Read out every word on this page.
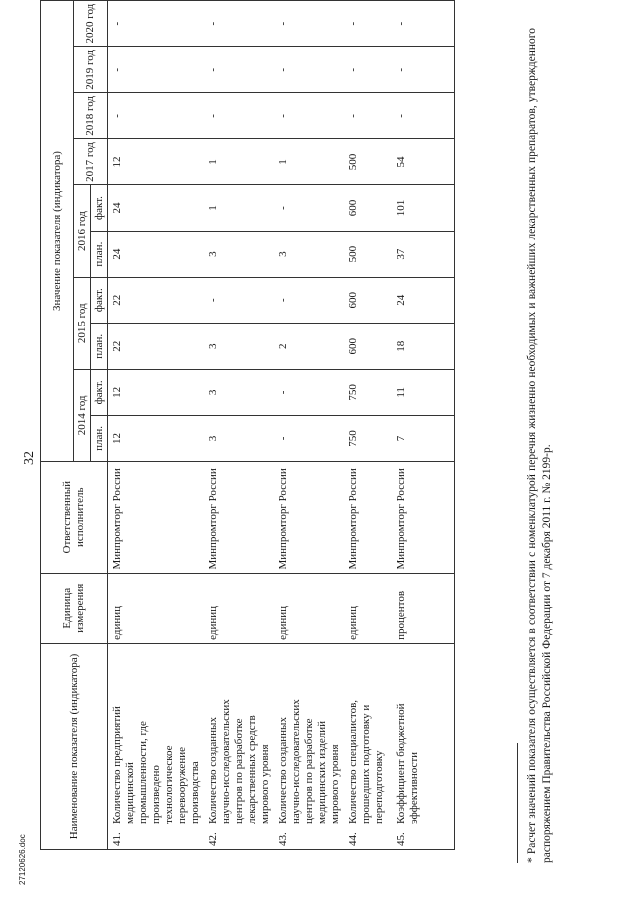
32
Наименование показателя (индикатора)	Единица измерения	Ответственный исполнитель	Значение показателя (индикатора)									
			2014 год		2015 год		2016 год		2017 год	2018 год	2019 год	2020 год
			план.	факт.	план.	факт.	план.	факт.				
41.Количество предприятий медицинской промышленности, где произведено технологическое перевооружение производства	единиц	Минпромторг России	12	12	22	22	24	24	12	-	-	-
42.Количество созданных научно-исследовательских центров по разработке лекарственных средств мирового уровня	единиц	Минпромторг России	3	3	3	-	3	1	1	-	-	-
43.Количество созданных научно-исследовательских центров по разработке медицинских изделий мирового уровня	единиц	Минпромторг России	-	-	2	-	3	-	1	-	-	-
44.Количество специалистов, прошедших подготовку и переподготовку	единиц	Минпромторг России	750	750	600	600	500	600	500	-	-	-
45.Коэффициент бюджетной эффективности	процентов	Минпромторг России	7	11	18	24	37	101	54	-	-	-
* Расчет значений показателя осуществляется в соответствии с номенклатурой перечня жизненно необходимых и важнейших лекарственных препаратов, утвержденного распоряжением Правительства Российской Федерации от 7 декабря 2011 г. № 2199-р.
27120626.doc
